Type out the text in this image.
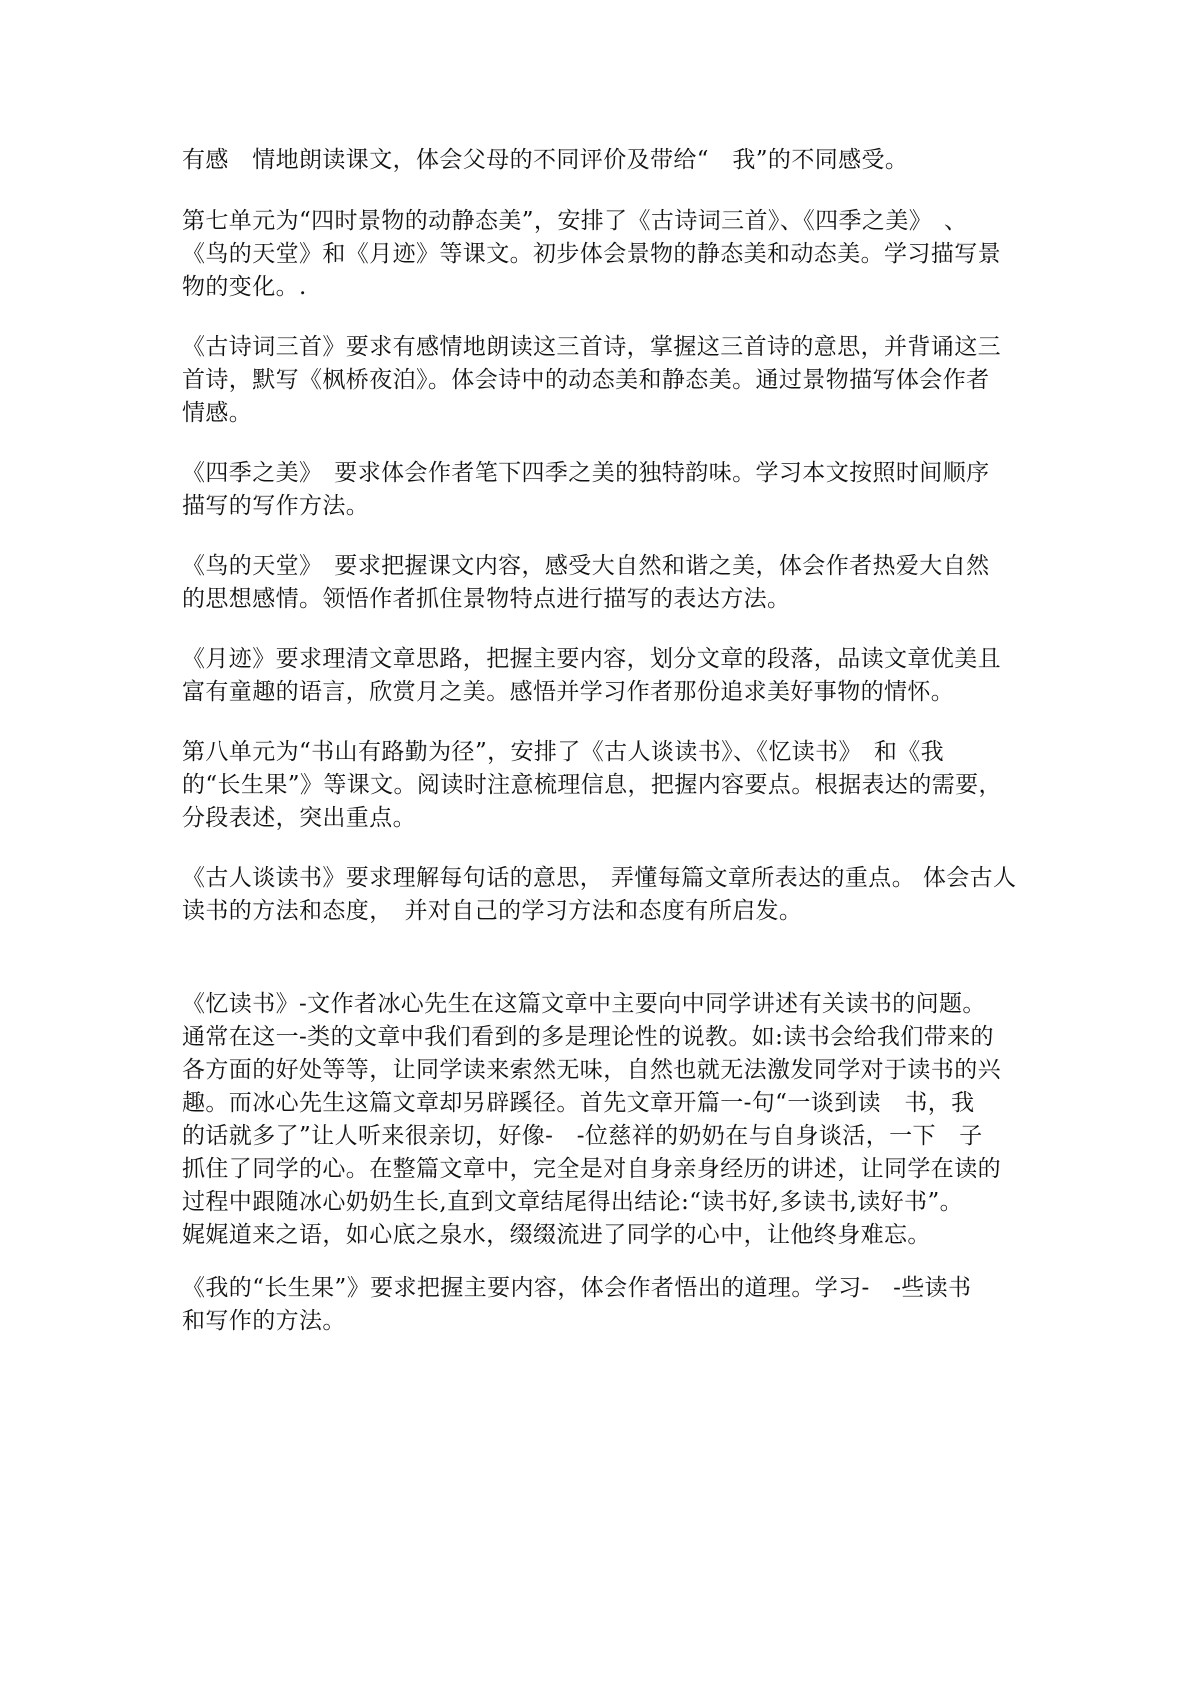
有感　情地朗读课文，体会父母的不同评价及带给“　我”的不同感受。

第七单元为“四时景物的动静态美”，安排了《古诗词三首》、《四季之美》　、
《鸟的天堂》和《月迹》等课文。初步体会景物的静态美和动态美。学习描写景
物的变化。.

《古诗词三首》要求有感情地朗读这三首诗，掌握这三首诗的意思，并背诵这三
首诗，默写《枫桥夜泊》。体会诗中的动态美和静态美。通过景物描写体会作者
情感。

《四季之美》　要求体会作者笔下四季之美的独特韵味。学习本文按照时间顺序
描写的写作方法。

《鸟的天堂》　要求把握课文内容，感受大自然和谐之美，体会作者热爱大自然
的思想感情。领悟作者抓住景物特点进行描写的表达方法。

《月迹》要求理清文章思路，把握主要内容，划分文章的段落，品读文章优美且
富有童趣的语言，欣赏月之美。感悟并学习作者那份追求美好事物的情怀。

第八单元为“书山有路勤为径”，安排了《古人谈读书》、《忆读书》　和《我
的“长生果”》等课文。阅读时注意梳理信息，把握内容要点。根据表达的需要，
分段表述，突出重点。

《古人谈读书》要求理解每句话的意思， 弄懂每篇文章所表达的重点。 体会古人
读书的方法和态度，　并对自己的学习方法和态度有所启发。

《忆读书》-文作者冰心先生在这篇文章中主要向中同学讲述有关读书的问题。
通常在这一-类的文章中我们看到的多是理论性的说教。如:读书会给我们带来的
各方面的好处等等，让同学读来索然无味，自然也就无法激发同学对于读书的兴
趣。而冰心先生这篇文章却另辟蹊径。首先文章开篇一-句“一谈到读　书，我
的话就多了”让人听来很亲切，好像-　-位慈祥的奶奶在与自身谈活，一下　子
抓住了同学的心。在整篇文章中，完全是对自身亲身经历的讲述，让同学在读的
过程中跟随冰心奶奶生长,直到文章结尾得出结论:“读书好,多读书,读好书”。
娓娓道来之语，如心底之泉水，缀缀流进了同学的心中，让他终身难忘。

《我的“长生果”》要求把握主要内容，体会作者悟出的道理。学习-　-些读书
和写作的方法。
